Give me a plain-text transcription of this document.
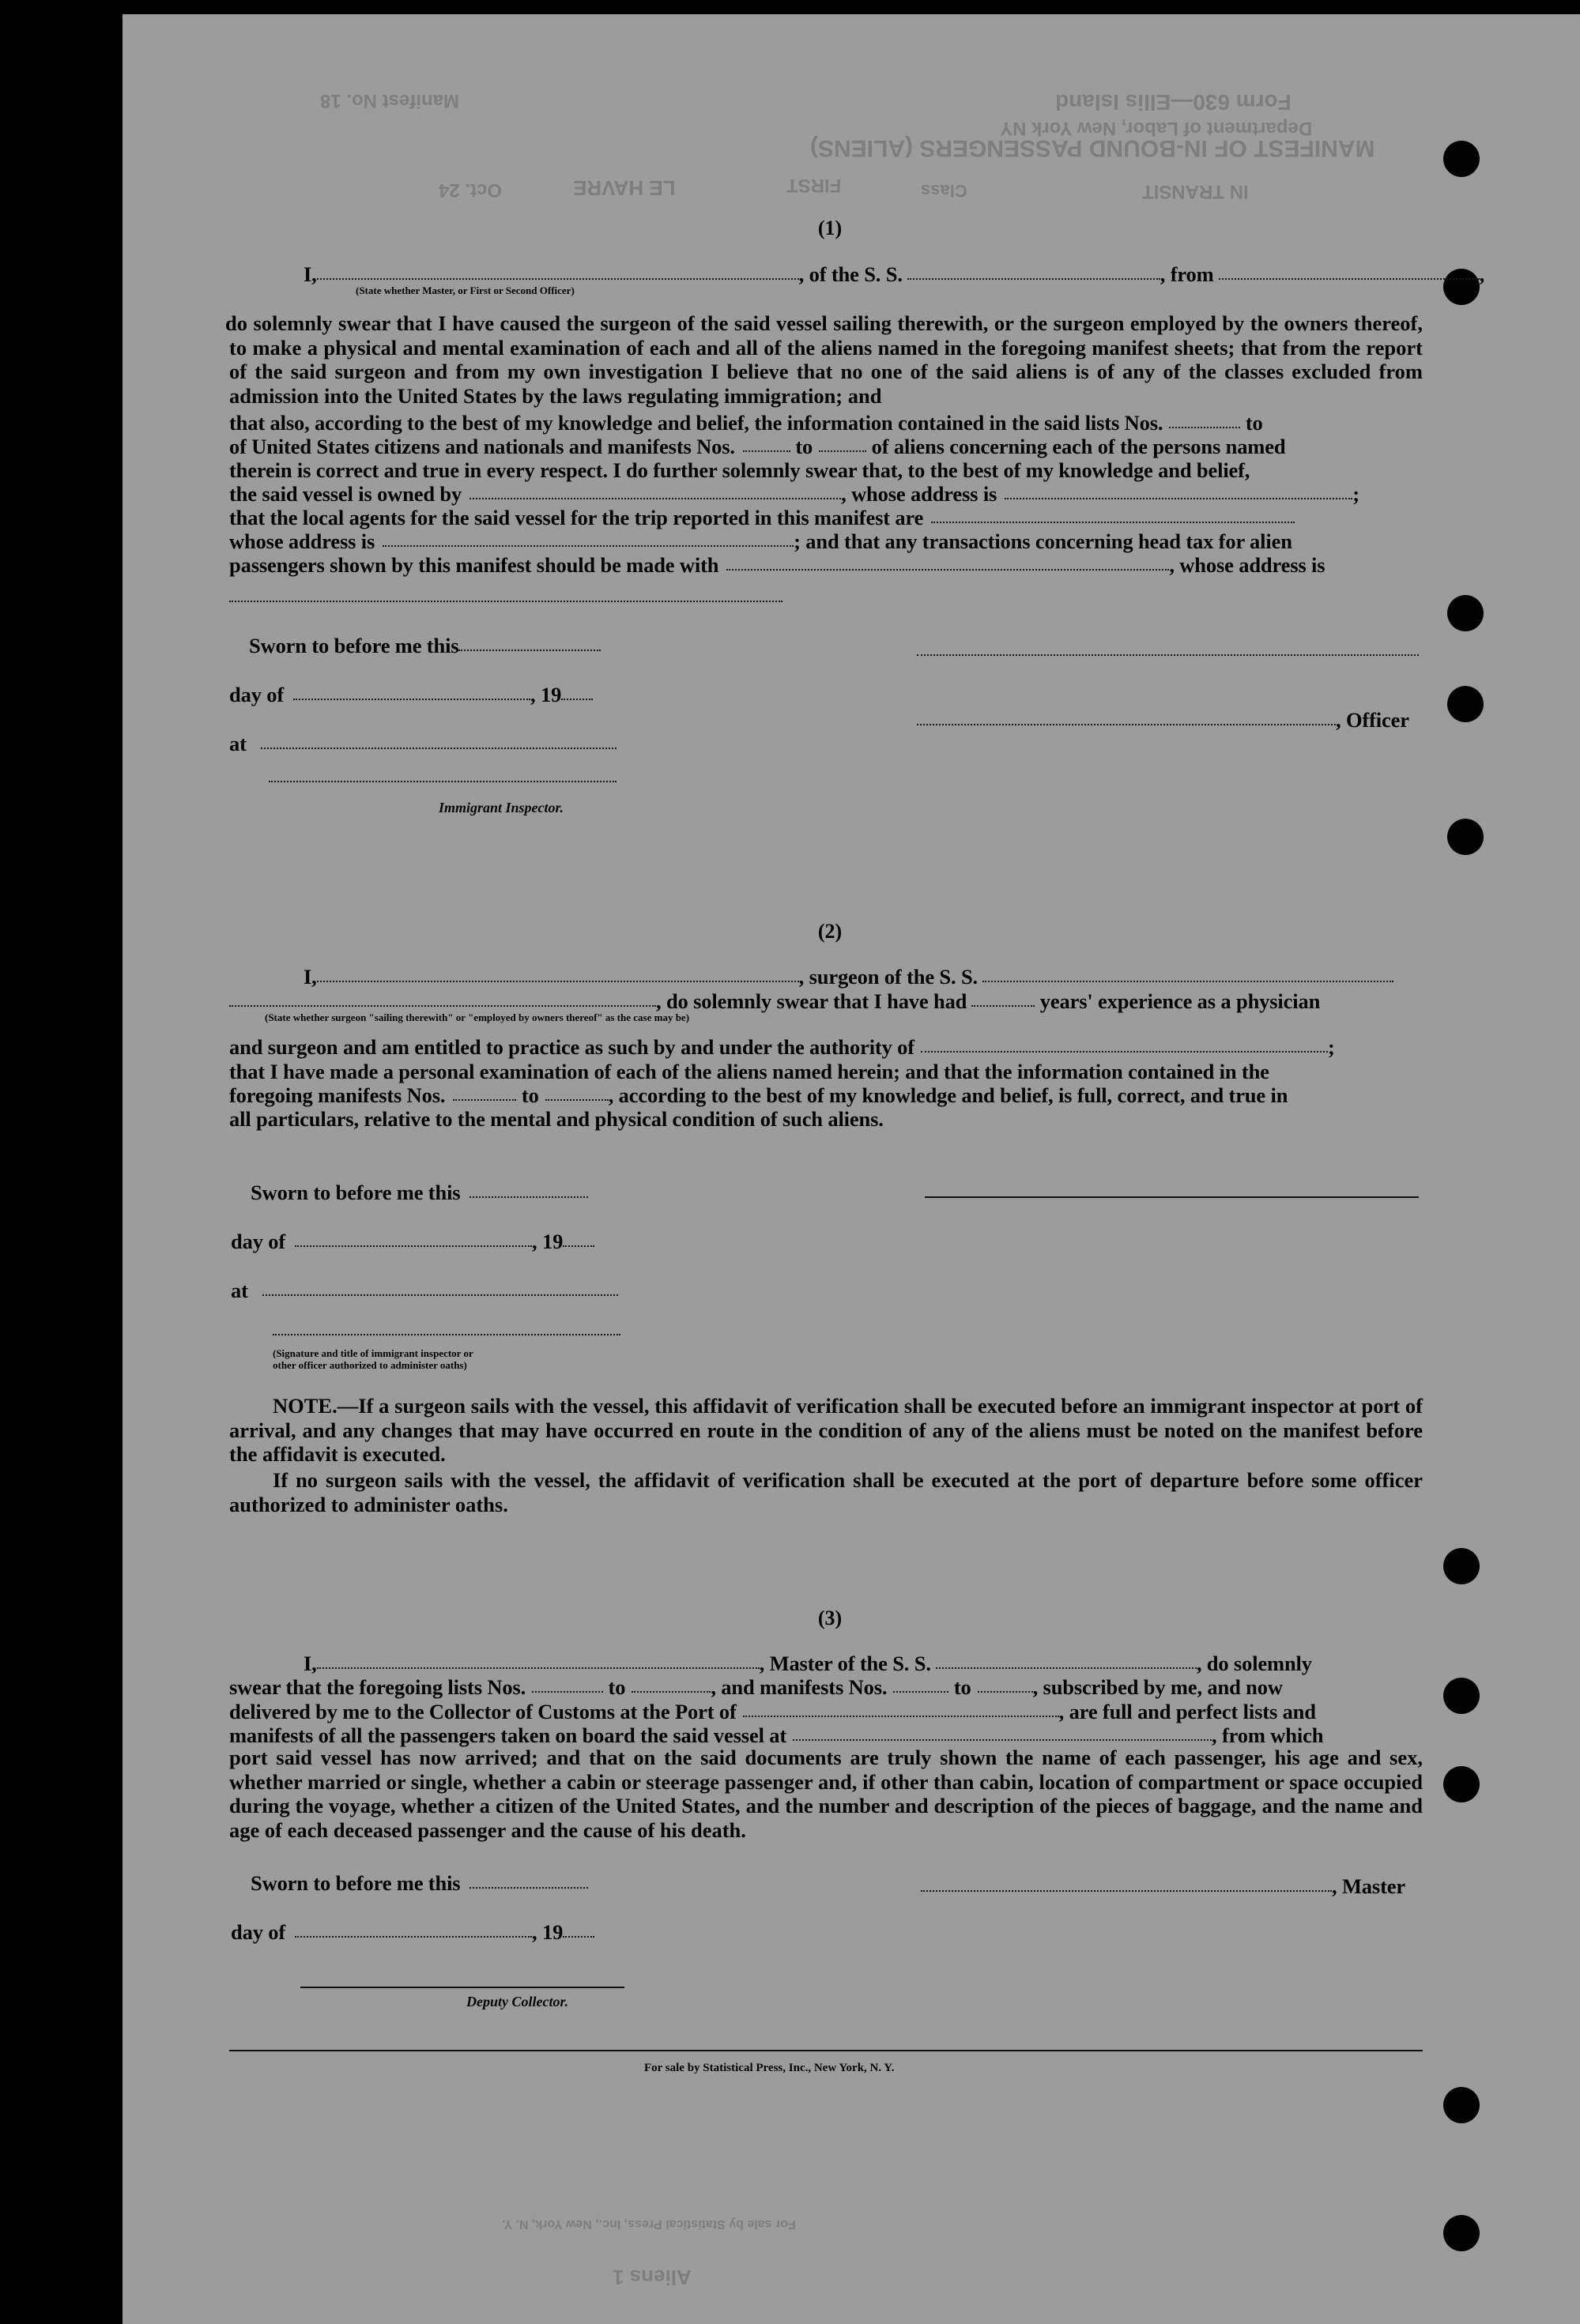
MANIFEST OF IN-BOUND PASSENGERS (ALIENS)
Form 630—Ellis Island
Department of Labor, New York NY
Manifest No. 18
LE HAVRE
Oct. 24	FIRST	Class	IN TRANSIT
For sale by Statistical Press, Inc., New York, N. Y.
Aliens 1
(1)
I,	, of the S. S.	, from	,
(State whether Master, or First or Second Officer)
do solemnly swear that I have caused the surgeon of the said vessel sailing therewith, or the surgeon employed by the owners thereof, to make a physical and mental examination of each and all of the aliens named in the foregoing manifest sheets; that from the report of the said surgeon and from my own investigation I believe that no one of the said aliens is of any of the classes excluded from admission into the United States by the laws regulating immigration; and
that also, according to the best of my knowledge and belief, the information contained in the said lists Nos.	to
of United States citizens and nationals and manifests Nos.	to	of aliens concerning each of the persons named
therein is correct and true in every respect. I do further solemnly swear that, to the best of my knowledge and belief,
the said vessel is owned by	, whose address is	;
that the local agents for the said vessel for the trip reported in this manifest are
whose address is	; and that any transactions concerning head tax for alien
passengers shown by this manifest should be made with	, whose address is
Sworn to before me this
day of	, 19
, Officer
at
Immigrant Inspector.
(2)
I,	, surgeon of the S. S.
, do solemnly swear that I have had	years' experience as a physician
(State whether surgeon "sailing therewith" or "employed by owners thereof" as the case may be)
and surgeon and am entitled to practice as such by and under the authority of	;
that I have made a personal examination of each of the aliens named herein; and that the information contained in the
foregoing manifests Nos.	to	, according to the best of my knowledge and belief, is full, correct, and true in
all particulars, relative to the mental and physical condition of such aliens.
Sworn to before me this
day of	, 19
at
(Signature and title of immigrant inspector or
other officer authorized to administer oaths)
NOTE.—If a surgeon sails with the vessel, this affidavit of verification shall be executed before an immigrant inspector at port of arrival, and any changes that may have occurred en route in the condition of any of the aliens must be noted on the manifest before the affidavit is executed.
If no surgeon sails with the vessel, the affidavit of verification shall be executed at the port of departure before some officer authorized to administer oaths.
(3)
I,	, Master of the S. S.	, do solemnly
swear that the foregoing lists Nos.	to	, and manifests Nos.	to	, subscribed by me, and now
delivered by me to the Collector of Customs at the Port of	, are full and perfect lists and
manifests of all the passengers taken on board the said vessel at	, from which
port said vessel has now arrived; and that on the said documents are truly shown the name of each passenger, his age and sex, whether married or single, whether a cabin or steerage passenger and, if other than cabin, location of compartment or space occupied during the voyage, whether a citizen of the United States, and the number and description of the pieces of baggage, and the name and age of each deceased passenger and the cause of his death.
Sworn to before me this	, Master
day of	, 19
Deputy Collector.
For sale by Statistical Press, Inc., New York, N. Y.
